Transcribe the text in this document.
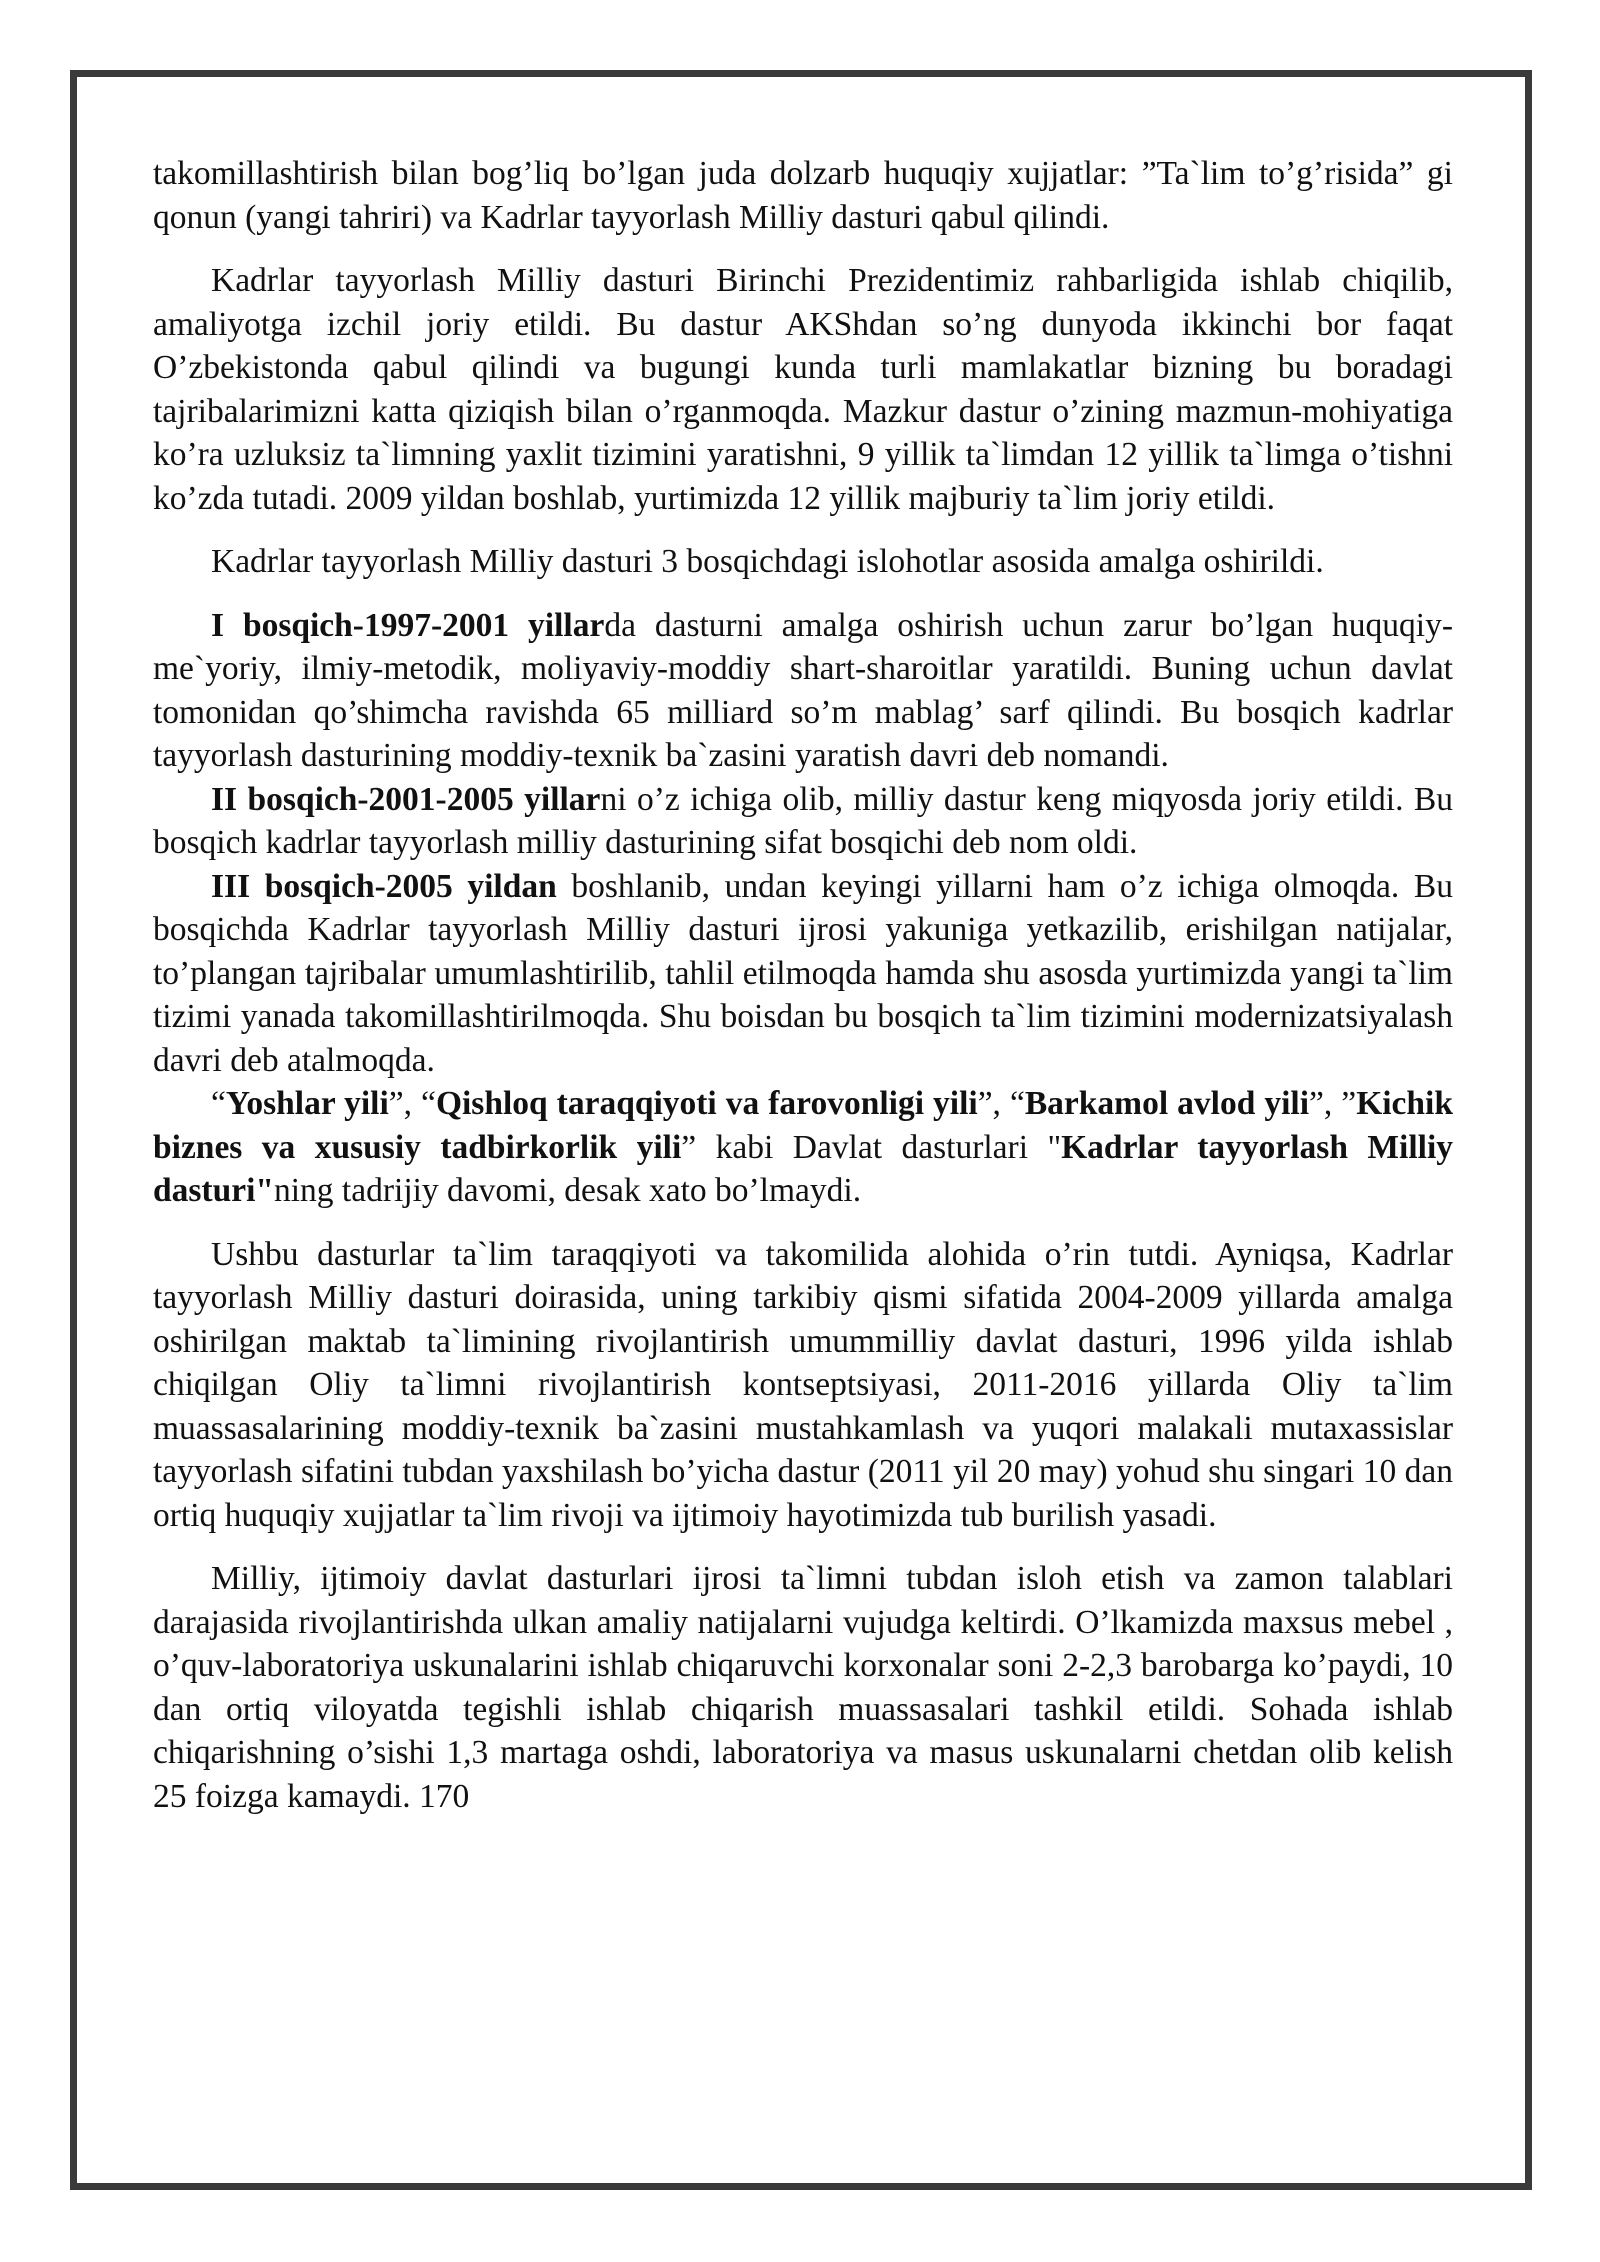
takomillashtirish bilan bog’liq bo’lgan juda dolzarb huquqiy xujjatlar: ”Ta`lim to’g’risida” gi qonun (yangi tahriri) va Kadrlar tayyorlash Milliy dasturi qabul qilindi.

Kadrlar tayyorlash Milliy dasturi Birinchi Prezidentimiz rahbarligida ishlab chiqilib, amaliyotga izchil joriy etildi. Bu dastur AKShdan so’ng dunyoda ikkinchi bor faqat O’zbekistonda qabul qilindi va bugungi kunda turli mamlakatlar bizning bu boradagi tajribalarimizni katta qiziqish bilan o’rganmoqda. Mazkur dastur o’zining mazmun-mohiyatiga ko’ra uzluksiz ta`limning yaxlit tizimini yaratishni, 9 yillik ta`limdan 12 yillik ta`limga o’tishni ko’zda tutadi. 2009 yildan boshlab, yurtimizda 12 yillik majburiy ta`lim joriy etildi.

Kadrlar tayyorlash Milliy dasturi 3 bosqichdagi islohotlar asosida amalga oshirildi.

I bosqich-1997-2001 yillarda dasturni amalga oshirish uchun zarur bo’lgan huquqiy-me`yoriy, ilmiy-metodik, moliyaviy-moddiy shart-sharoitlar yaratildi. Buning uchun davlat tomonidan qo’shimcha ravishda 65 milliard so’m mablag’ sarf qilindi. Bu bosqich kadrlar tayyorlash dasturining moddiy-texnik ba`zasini yaratish davri deb nomandi.

II bosqich-2001-2005 yillarni o’z ichiga olib, milliy dastur keng miqyosda joriy etildi. Bu bosqich kadrlar tayyorlash milliy dasturining sifat bosqichi deb nom oldi.

III bosqich-2005 yildan boshlanib, undan keyingi yillarni ham o’z ichiga olmoqda. Bu bosqichda Kadrlar tayyorlash Milliy dasturi ijrosi yakuniga yetkazilib, erishilgan natijalar, to’plangan tajribalar umumlashtirilib, tahlil etilmoqda hamda shu asosda yurtimizda yangi ta`lim tizimi yanada takomillashtirilmoqda. Shu boisdan bu bosqich ta`lim tizimini modernizatsiyalash davri deb atalmoqda.

“Yoshlar yili”, “Qishloq taraqqiyoti va farovonligi yili”, “Barkamol avlod yili”, ”Kichik biznes va xususiy tadbirkorlik yili” kabi Davlat dasturlari "Kadrlar tayyorlash Milliy dasturi"ning tadrijiy davomi, desak xato bo’lmaydi.

Ushbu dasturlar ta`lim taraqqiyoti va takomilida alohida o’rin tutdi. Ayniqsa, Kadrlar tayyorlash Milliy dasturi doirasida, uning tarkibiy qismi sifatida 2004-2009 yillarda amalga oshirilgan maktab ta`limining rivojlantirish umummilliy davlat dasturi, 1996 yilda ishlab chiqilgan Oliy ta`limni rivojlantirish kontseptsiyasi, 2011-2016 yillarda Oliy ta`lim muassasalarining moddiy-texnik ba`zasini mustahkamlash va yuqori malakali mutaxassislar tayyorlash sifatini tubdan yaxshilash bo’yicha dastur (2011 yil 20 may) yohud shu singari 10 dan ortiq huquqiy xujjatlar ta`lim rivoji va ijtimoiy hayotimizda tub burilish yasadi.

Milliy, ijtimoiy davlat dasturlari ijrosi ta`limni tubdan isloh etish va zamon talablari darajasida rivojlantirishda ulkan amaliy natijalarni vujudga keltirdi. O’lkamizda maxsus mebel , o’quv-laboratoriya uskunalarini ishlab chiqaruvchi korxonalar soni 2-2,3 barobarga ko’paydi, 10 dan ortiq viloyatda tegishli ishlab chiqarish muassasalari tashkil etildi. Sohada ishlab chiqarishning o’sishi 1,3 martaga oshdi, laboratoriya va masus uskunalarni chetdan olib kelish 25 foizga kamaydi. 170
